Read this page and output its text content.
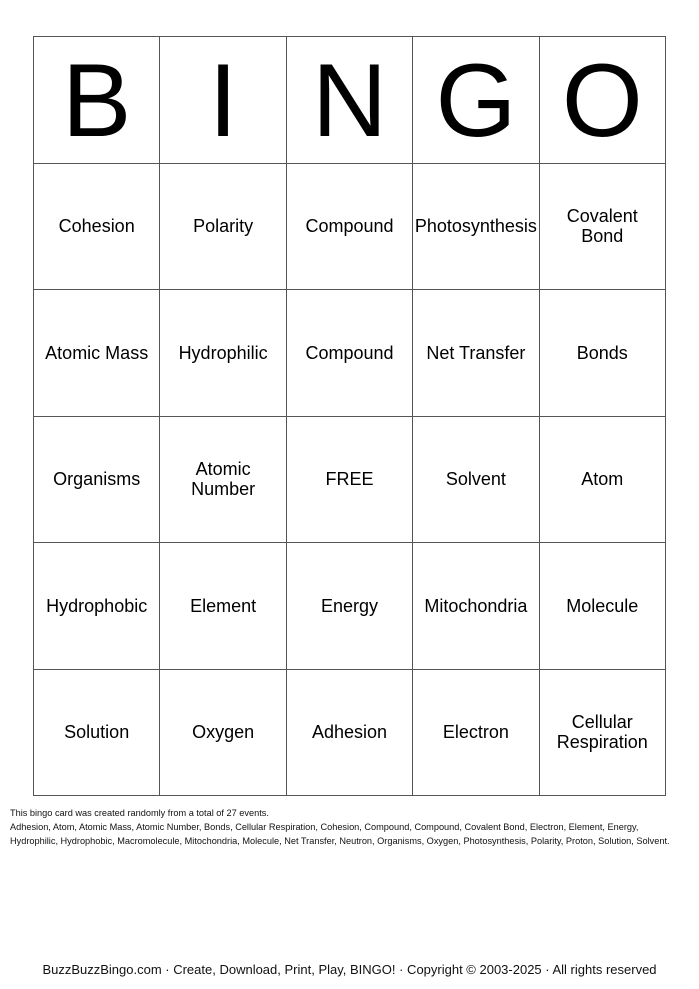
B I N G O
Cohesion	Polarity	Compound	Photosynthesis	Covalent Bond
Atomic Mass	Hydrophilic	Compound	Net Transfer	Bonds
Organisms	Atomic Number	FREE	Solvent	Atom
Hydrophobic	Element	Energy	Mitochondria	Molecule
Solution	Oxygen	Adhesion	Electron	Cellular Respiration
This bingo card was created randomly from a total of 27 events.
Adhesion, Atom, Atomic Mass, Atomic Number, Bonds, Cellular Respiration, Cohesion, Compound, Compound, Covalent Bond, Electron, Element, Energy,
Hydrophilic, Hydrophobic, Macromolecule, Mitochondria, Molecule, Net Transfer, Neutron, Organisms, Oxygen, Photosynthesis, Polarity, Proton, Solution, Solvent.
BuzzBuzzBingo.com · Create, Download, Print, Play, BINGO! · Copyright © 2003-2025 · All rights reserved
